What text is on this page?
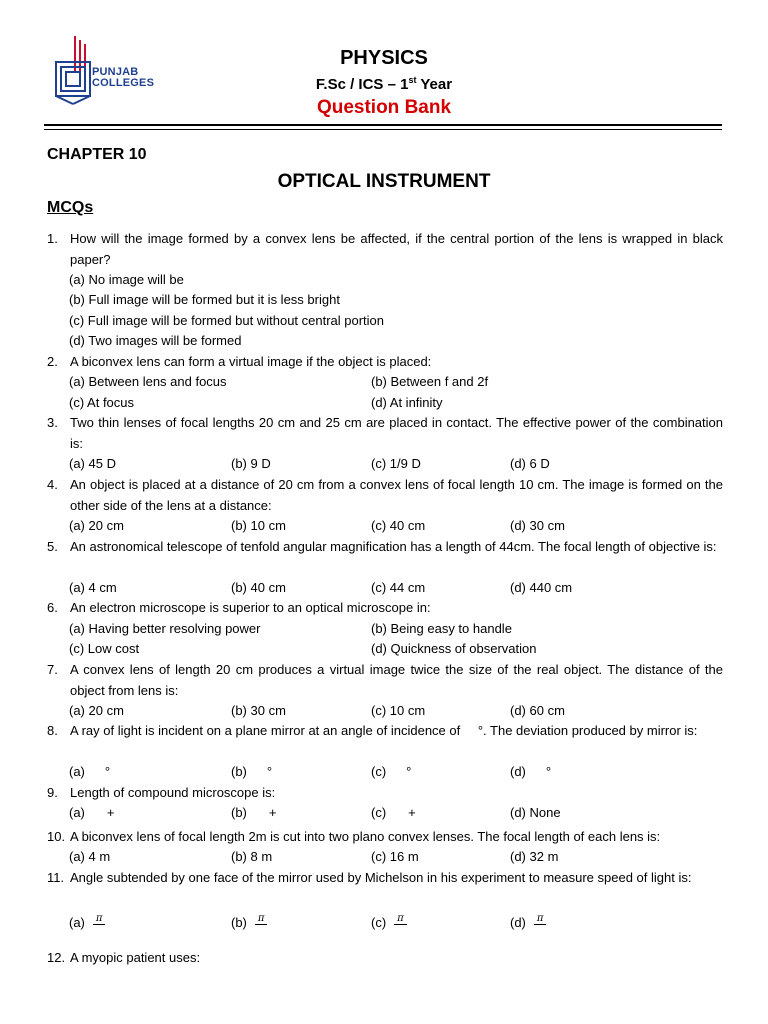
PUNJAB
COLLEGES
PHYSICS
F.Sc / ICS – 1st Year
Question Bank
CHAPTER 10
OPTICAL INSTRUMENT
MCQs
1. How will the image formed by a convex lens be affected, if the central portion of the lens is wrapped in black paper?
(a) No image will be
(b) Full image will be formed but it is less bright
(c) Full image will be formed but without central portion
(d) Two images will be formed
2. A biconvex lens can form a virtual image if the object is placed:
(a) Between lens and focus	(b) Between f and 2f
(c) At focus	(d) At infinity
3. Two thin lenses of focal lengths 20 cm and 25 cm are placed in contact. The effective power of the combination is:
(a) 45 D	(b) 9 D	(c) 1/9 D	(d) 6 D
4. An object is placed at a distance of 20 cm from a convex lens of focal length 10 cm. The image is formed on the other side of the lens at a distance:
(a) 20 cm	(b) 10 cm	(c) 40 cm	(d) 30 cm
5. An astronomical telescope of tenfold angular magnification has a length of 44cm. The focal length of objective is:
(a) 4 cm	(b) 40 cm	(c) 44 cm	(d) 440 cm
6. An electron microscope is superior to an optical microscope in:
(a) Having better resolving power	(b) Being easy to handle
(c) Low cost	(d) Quickness of observation
7. A convex lens of length 20 cm produces a virtual image twice the size of the real object. The distance of the object from lens is:
(a) 20 cm	(b) 30 cm	(c) 10 cm	(d) 60 cm
8. A ray of light is incident on a plane mirror at an angle of incidence of °. The deviation produced by mirror is:
(a) °	(b) °	(c) °	(d) °
9. Length of compound microscope is:
(a) +	(b) +	(c) +	(d) None
10. A biconvex lens of focal length 2m is cut into two plano convex lenses. The focal length of each lens is:
(a) 4 m	(b) 8 m	(c) 16 m	(d) 32 m
11. Angle subtended by one face of the mirror used by Michelson in his experiment to measure speed of light is:
(a)	π	(b)	π	(c)	π	(d)	π
12. A myopic patient uses:
